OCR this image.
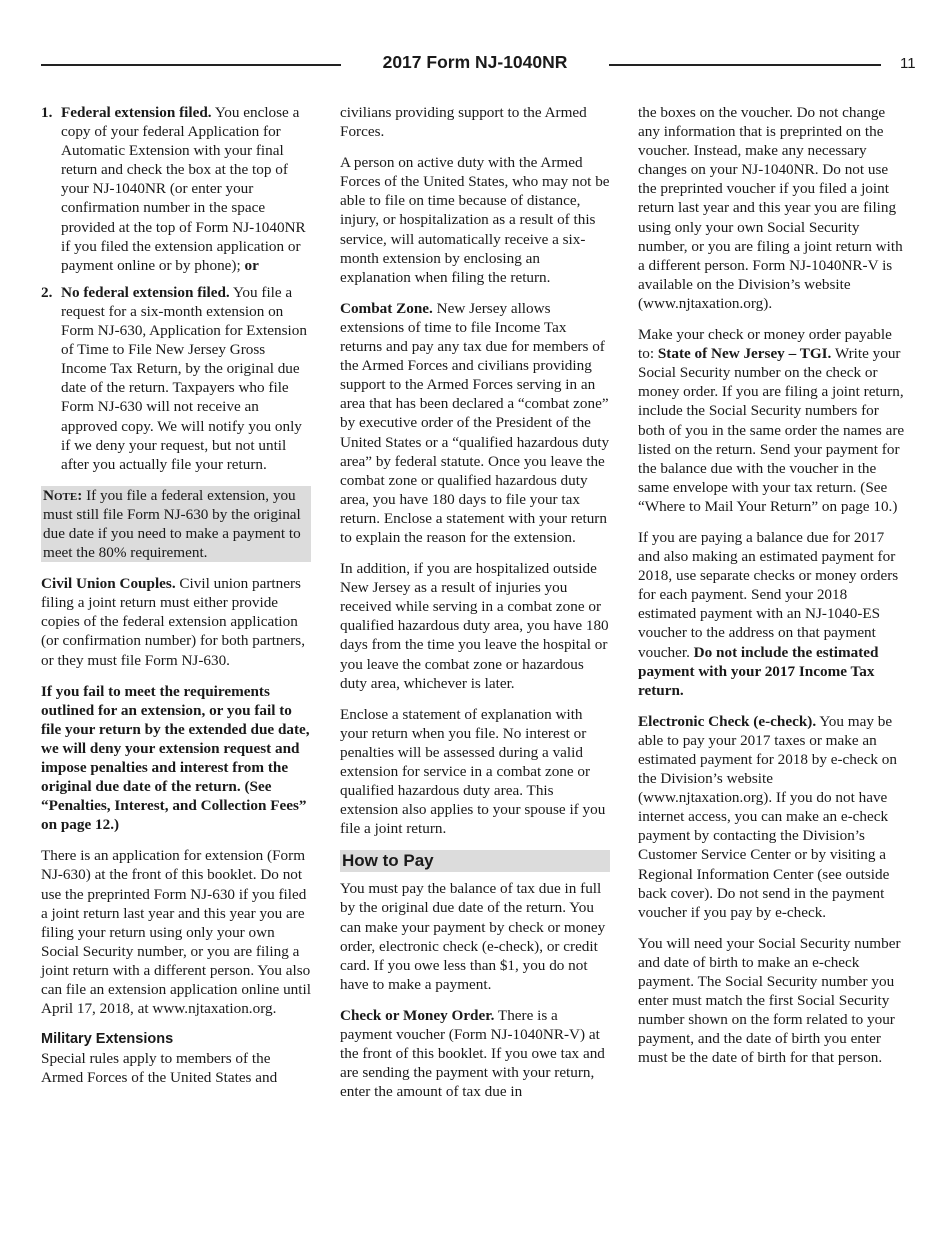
2017 Form NJ-1040NR	11
1. Federal extension filed. You enclose a copy of your federal Application for Automatic Extension with your final return and check the box at the top of your NJ-1040NR (or enter your confirmation number in the space provided at the top of Form NJ-1040NR if you filed the extension application or payment online or by phone); or
2. No federal extension filed. You file a request for a six-month extension on Form NJ-630, Application for Extension of Time to File New Jersey Gross Income Tax Return, by the original due date of the return. Taxpayers who file Form NJ-630 will not receive an approved copy. We will notify you only if we deny your request, but not until after you actually file your return.
Note: If you file a federal extension, you must still file Form NJ-630 by the original due date if you need to make a payment to meet the 80% requirement.

Civil Union Couples. Civil union partners filing a joint return must either provide copies of the federal extension application (or confirmation number) for both partners, or they must file Form NJ-630.

If you fail to meet the requirements outlined for an extension, or you fail to file your return by the extended due date, we will deny your extension request and impose penalties and interest from the original due date of the return. (See “Penalties, Interest, and Collection Fees” on page 12.)

There is an application for extension (Form NJ-630) at the front of this booklet. Do not use the preprinted Form NJ-630 if you filed a joint return last year and this year you are filing your return using only your own Social Security number, or you are filing a joint return with a different person. You also can file an extension application online until April 17, 2018, at www.njtaxation.org.

Military Extensions

Special rules apply to members of the Armed Forces of the United States and

civilians providing support to the Armed Forces.

A person on active duty with the Armed Forces of the United States, who may not be able to file on time because of distance, injury, or hospitalization as a result of this service, will automatically receive a six-month extension by enclosing an explanation when filing the return.

Combat Zone. New Jersey allows extensions of time to file Income Tax returns and pay any tax due for members of the Armed Forces and civilians providing support to the Armed Forces serving in an area that has been declared a “combat zone” by executive order of the President of the United States or a “qualified hazardous duty area” by federal statute. Once you leave the combat zone or qualified hazardous duty area, you have 180 days to file your tax return. Enclose a statement with your return to explain the reason for the extension.

In addition, if you are hospitalized outside New Jersey as a result of injuries you received while serving in a combat zone or qualified hazardous duty area, you have 180 days from the time you leave the hospital or you leave the combat zone or hazardous duty area, whichever is later.

Enclose a statement of explanation with your return when you file. No interest or penalties will be assessed during a valid extension for service in a combat zone or qualified hazardous duty area. This extension also applies to your spouse if you file a joint return.

How to Pay

You must pay the balance of tax due in full by the original due date of the return. You can make your payment by check or money order, electronic check (e-check), or credit card. If you owe less than $1, you do not have to make a payment.

Check or Money Order. There is a payment voucher (Form NJ-1040NR-V) at the front of this booklet. If you owe tax and are sending the payment with your return, enter the amount of tax due in

the boxes on the voucher. Do not change any information that is preprinted on the voucher. Instead, make any necessary changes on your NJ-1040NR. Do not use the preprinted voucher if you filed a joint return last year and this year you are filing using only your own Social Security number, or you are filing a joint return with a different person. Form NJ-1040NR-V is available on the Division’s website (www.njtaxation.org).

Make your check or money order payable to: State of New Jersey – TGI. Write your Social Security number on the check or money order. If you are filing a joint return, include the Social Security numbers for both of you in the same order the names are listed on the return. Send your payment for the balance due with the voucher in the same envelope with your tax return. (See “Where to Mail Your Return” on page 10.)

If you are paying a balance due for 2017 and also making an estimated payment for 2018, use separate checks or money orders for each payment. Send your 2018 estimated payment with an NJ-1040-ES voucher to the address on that payment voucher. Do not include the estimated payment with your 2017 Income Tax return.

Electronic Check (e-check). You may be able to pay your 2017 taxes or make an estimated payment for 2018 by e-check on the Division’s website (www.njtaxation.org). If you do not have internet access, you can make an e-check payment by contacting the Division’s Customer Service Center or by visiting a Regional Information Center (see outside back cover). Do not send in the payment voucher if you pay by e-check.

You will need your Social Security number and date of birth to make an e-check payment. The Social Security number you enter must match the first Social Security number shown on the form related to your payment, and the date of birth you enter must be the date of birth for that person.
